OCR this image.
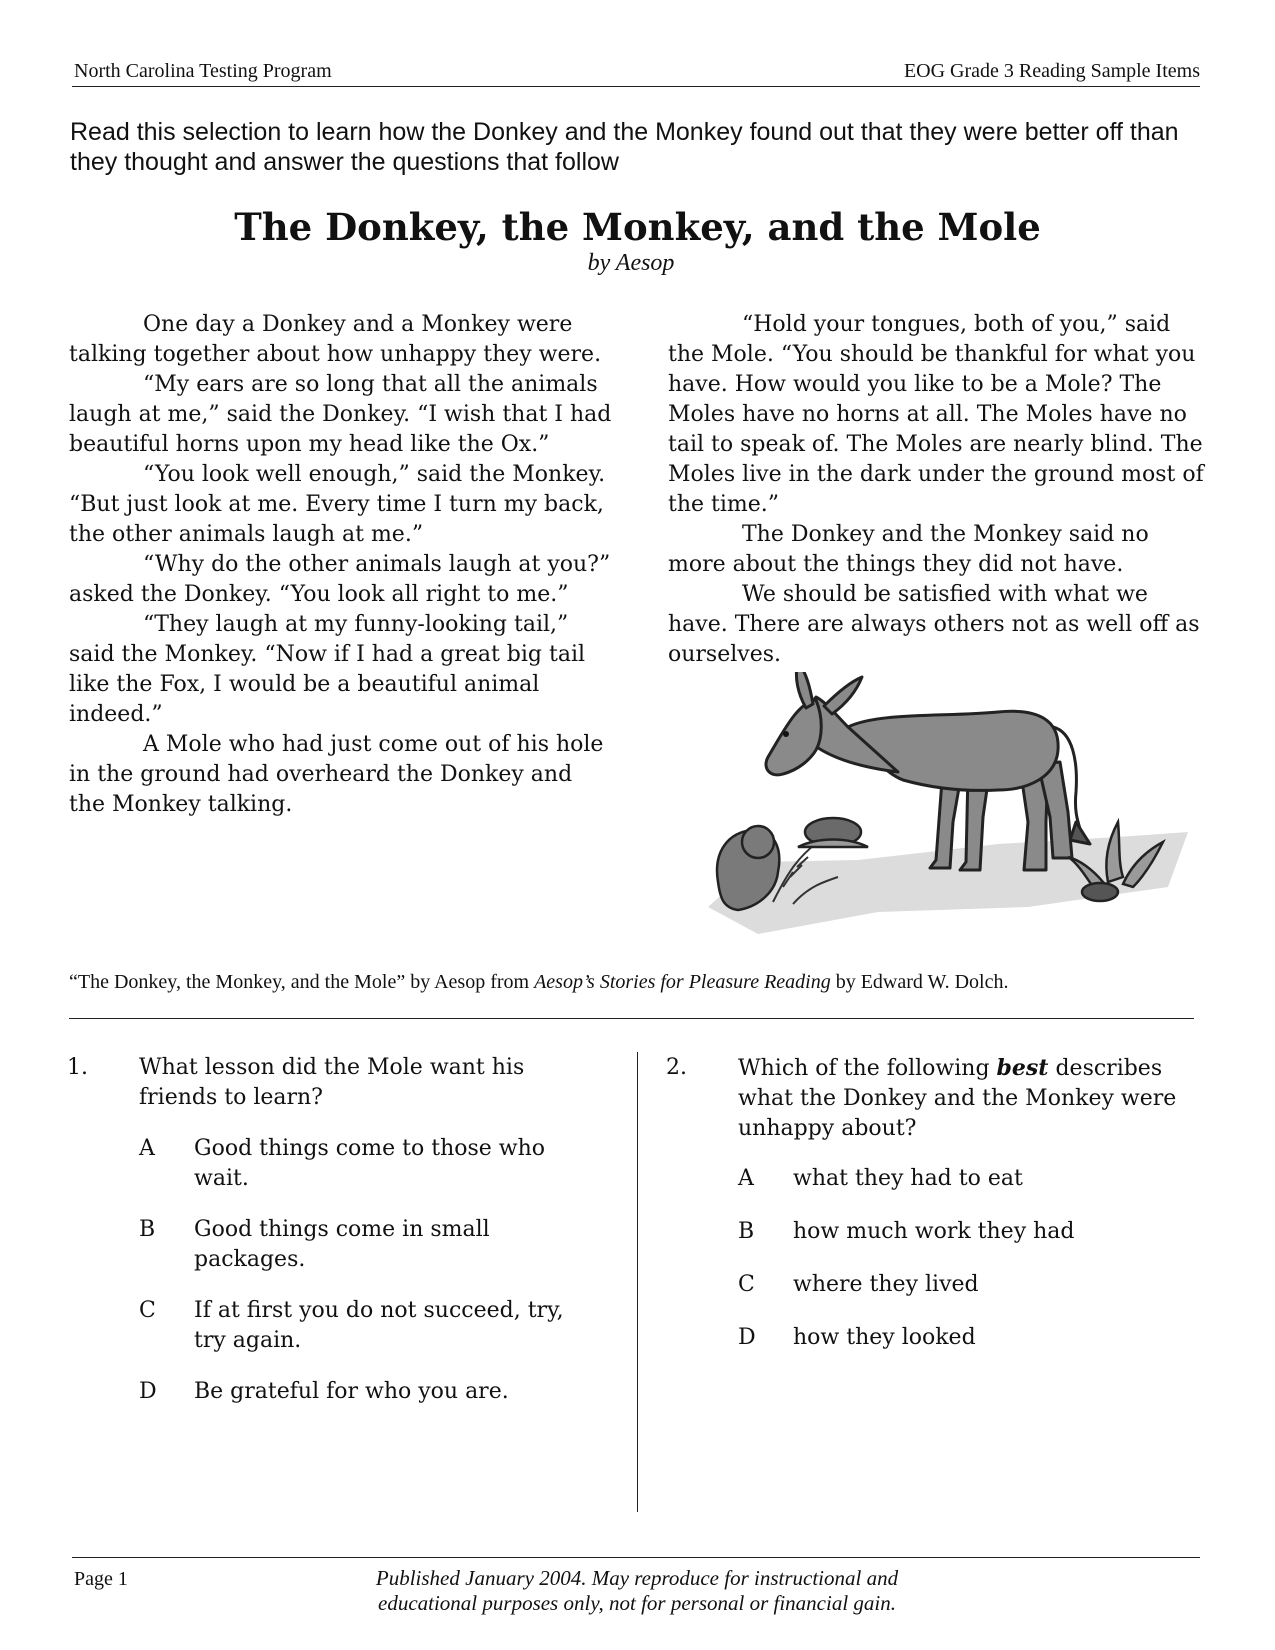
North Carolina Testing Program	EOG Grade 3 Reading Sample Items
Read this selection to learn how the Donkey and the Monkey found out that they were better off than they thought and answer the questions that follow
The Donkey, the Monkey, and the Mole
by Aesop

One day a Donkey and a Monkey were talking together about how unhappy they were.

“My ears are so long that all the animals laugh at me,” said the Donkey. “I wish that I had beautiful horns upon my head like the Ox.”

“You look well enough,” said the Monkey. “But just look at me. Every time I turn my back, the other animals laugh at me.”

“Why do the other animals laugh at you?” asked the Donkey. “You look all right to me.”

“They laugh at my funny-looking tail,” said the Monkey. “Now if I had a great big tail like the Fox, I would be a beautiful animal indeed.”

A Mole who had just come out of his hole in the ground had overheard the Donkey and the Monkey talking.

“Hold your tongues, both of you,” said the Mole. “You should be thankful for what you have. How would you like to be a Mole? The Moles have no horns at all. The Moles have no tail to speak of. The Moles are nearly blind. The Moles live in the dark under the ground most of the time.”

The Donkey and the Monkey said no more about the things they did not have.

We should be satisfied with what we have. There are always others not as well off as ourselves.

“The Donkey, the Monkey, and the Mole” by Aesop from Aesop’s Stories for Pleasure Reading by Edward W. Dolch.
1. What lesson did the Mole want his friends to learn?
A Good things come to those who wait.
B Good things come in small packages.
C If at first you do not succeed, try, try again.
D Be grateful for who you are.
2. Which of the following best describes what the Donkey and the Monkey were unhappy about?
A what they had to eat
B how much work they had
C where they lived
D how they looked
Page 1	Published January 2004. May reproduce for instructional and educational purposes only, not for personal or financial gain.
